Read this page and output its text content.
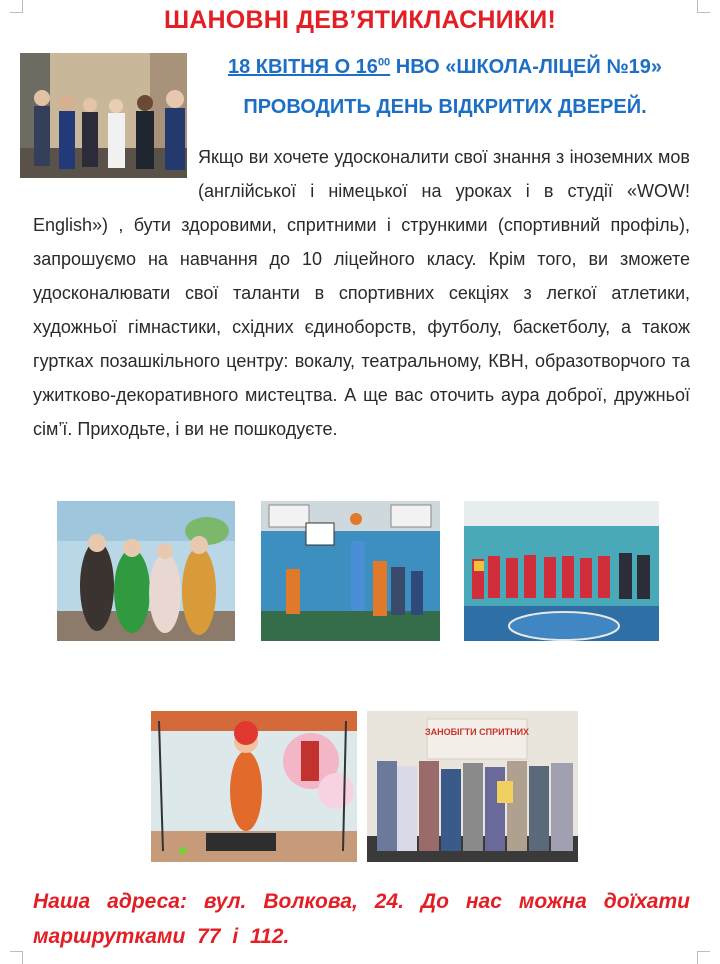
ШАНОВНІ ДЕВ’ЯТИКЛАСНИКИ!
18 КВІТНЯ О $16^{00}$ НВО «ШКОЛА-ЛІЦЕЙ №19»
ПРОВОДИТЬ ДЕНЬ ВІДКРИТИХ ДВЕРЕЙ.
Якщо ви хочете удосконалити свої знання з іноземних мов (англійської і німецької на уроках і в студії «WOW! English») , бути здоровими, спритними і стрункими (спортивний профіль), запрошуємо на навчання до 10 ліцейного класу. Крім того, ви зможете удосконалювати свої таланти в спортивних секціях з легкої атлетики, художньої гімнастики, східних єдиноборств, футболу, баскетболу, а також гуртках позашкільного центру: вокалу, театральному, КВН, образотворчого та ужитково-декоративного мистецтва. А ще вас оточить аура доброї, дружньої сім’ї. Приходьте, і ви не пошкодуєте.
ЗАНОБІГТИ СПРИТНИХ
Наша адреса: вул. Волкова, 24. До нас можна доїхати маршрутками 77 і 112.
